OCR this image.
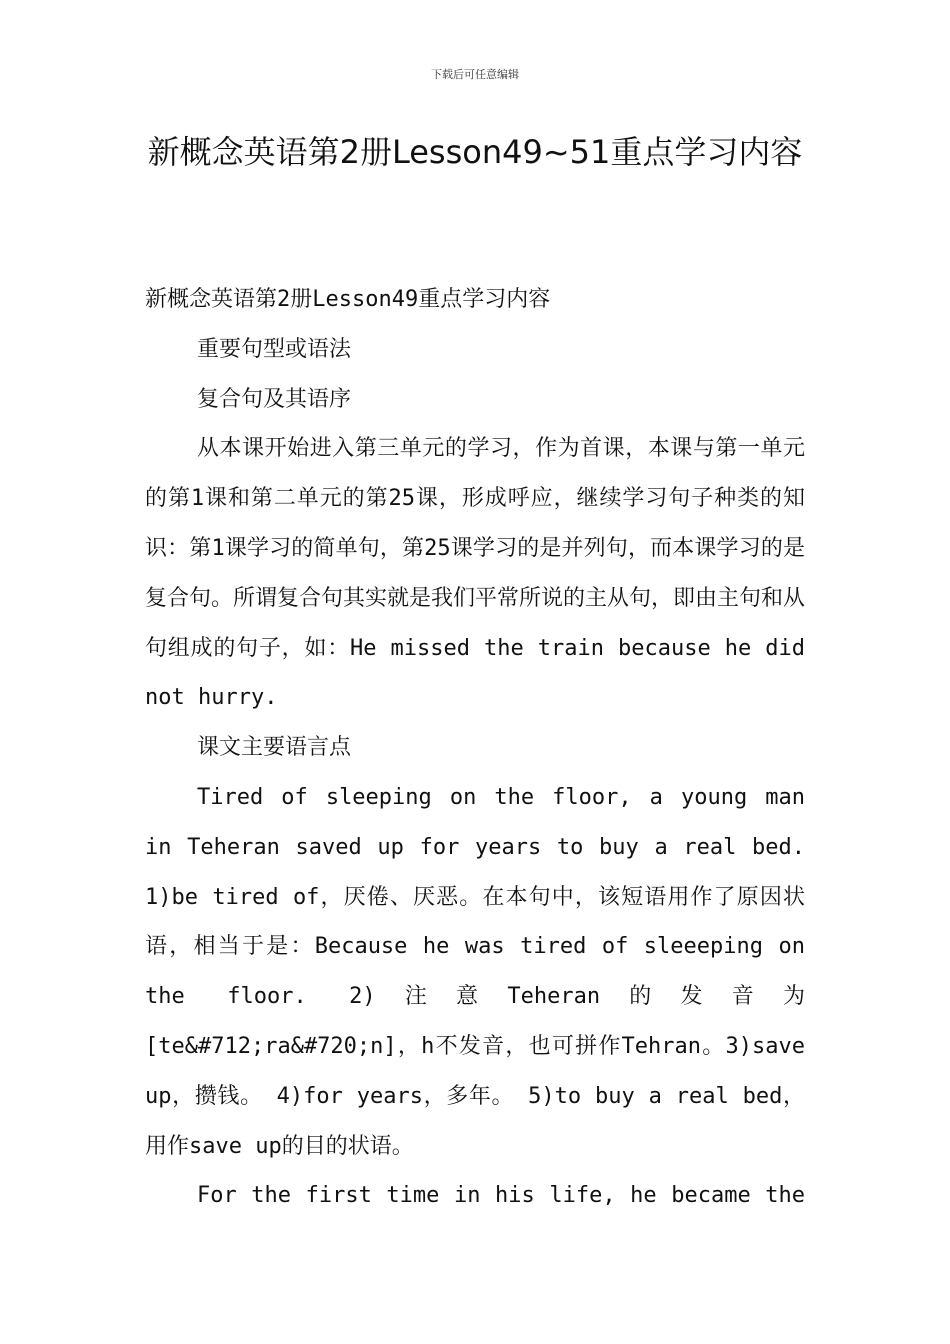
下载后可任意编辑
新概念英语第2册Lesson49~51重点学习内容

新概念英语第2册Lesson49重点学习内容

重要句型或语法

复合句及其语序

从本课开始进入第三单元的学习，作为首课，本课与第一单元的第1课和第二单元的第25课，形成呼应，继续学习句子种类的知识：第1课学习的简单句，第25课学习的是并列句，而本课学习的是复合句。所谓复合句其实就是我们平常所说的主从句，即由主句和从句组成的句子，如：He missed the train because he did not hurry.

课文主要语言点

Tired of sleeping on the floor, a young man in Teheran saved up for years to buy a real bed. 1)be tired of，厌倦、厌恶。在本句中，该短语用作了原因状语，相当于是：Because he was tired of sleeeping on the floor. 2)注意Teheran的发音为[te&#712;ra&#720;n]，h不发音，也可拼作Tehran。3)save up，攒钱。 4)for years，多年。 5)to buy a real bed，用作save up的目的状语。

For the first time in his life, he became the
